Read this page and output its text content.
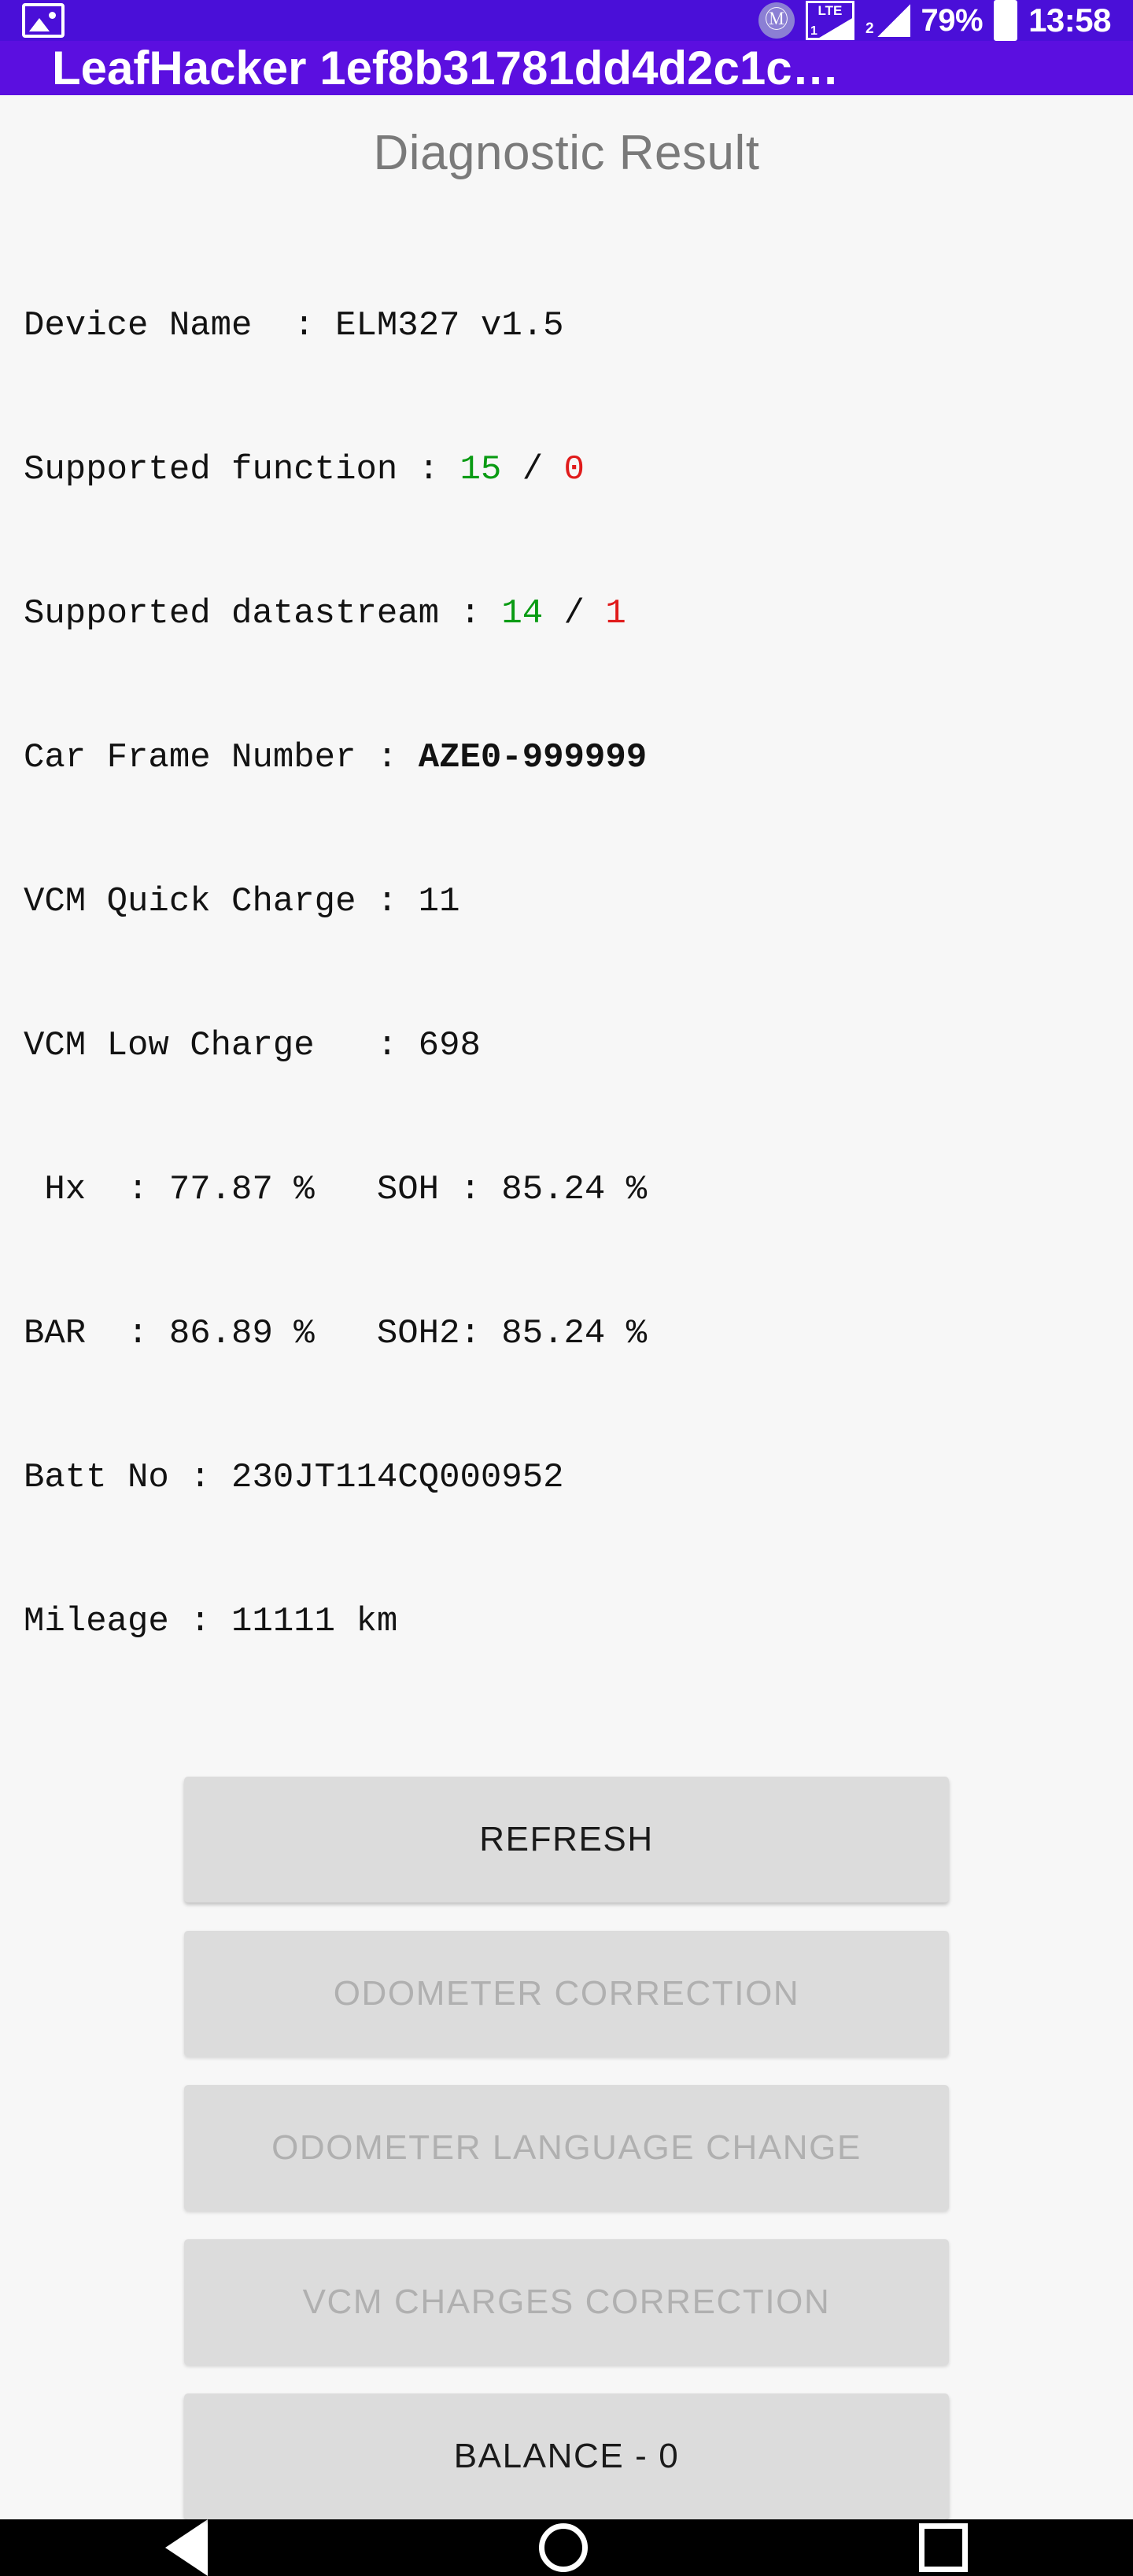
Ⓜ	LTE
1	2 79% 13:58
LeafHacker 1ef8b31781dd4d2c1c…
Diagnostic Result

Device Name  : ELM327 v1.5

Supported function : 15 / 0

Supported datastream : 14 / 1

Car Frame Number : AZE0-999999

VCM Quick Charge : 11

VCM Low Charge   : 698

Hx  : 77.87 %   SOH : 85.24 %

BAR  : 86.89 %   SOH2: 85.24 %

Batt No : 230JT114CQ000952

Mileage : 11111 km

REFRESH
ODOMETER CORRECTION
ODOMETER LANGUAGE CHANGE
VCM CHARGES CORRECTION
BALANCE - 0
